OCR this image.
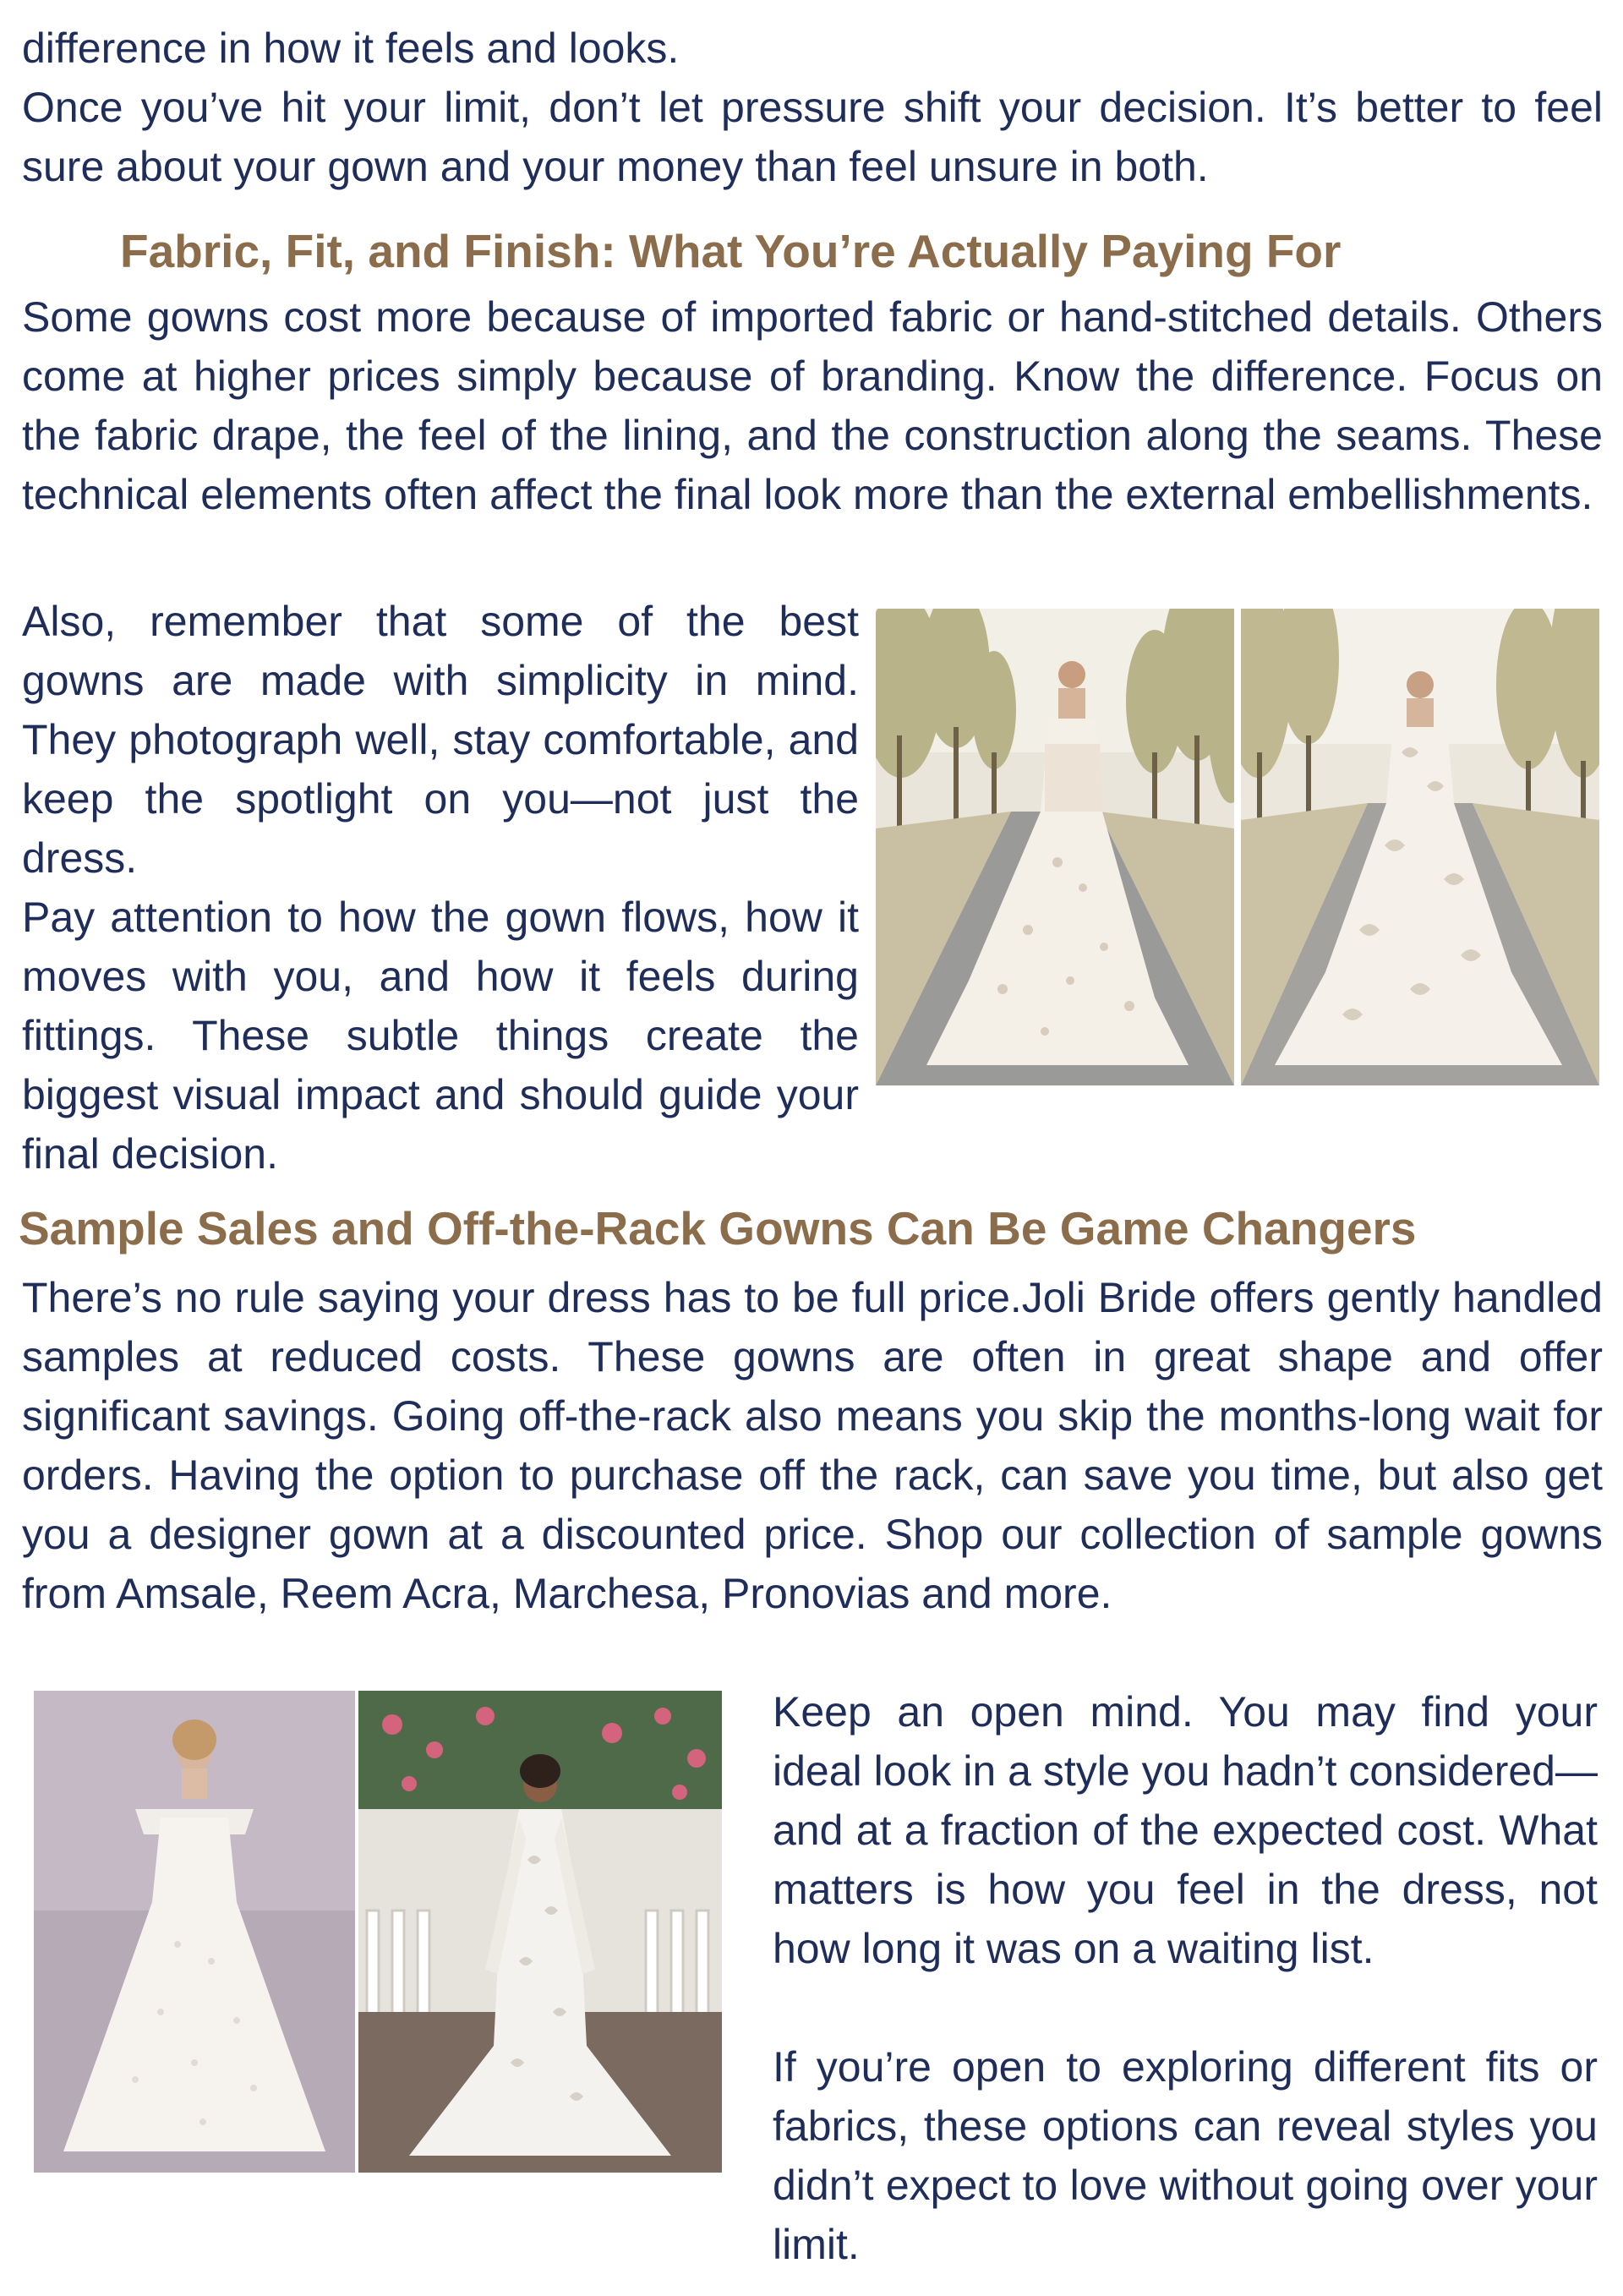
difference in how it feels and looks.

Once you’ve hit your limit, don’t let pressure shift your decision. It’s better to feel sure about your gown and your money than feel unsure in both.

Fabric, Fit, and Finish: What You’re Actually Paying For

Some gowns cost more because of imported fabric or hand-stitched details. Others come at higher prices simply because of branding. Know the difference. Focus on the fabric drape, the feel of the lining, and the construction along the seams. These technical elements often affect the final look more than the external embellishments.

Also, remember that some of the best gowns are made with simplicity in mind. They photograph well, stay comfortable, and keep the spotlight on you—not just the dress.

Pay attention to how the gown flows, how it moves with you, and how it feels during fittings. These subtle things create the biggest visual impact and should guide your final decision.

Sample Sales and Off-the-Rack Gowns Can Be Game Changers

There’s no rule saying your dress has to be full price.Joli Bride offers gently handled samples at reduced costs. These gowns are often in great shape and offer significant savings. Going off-the-rack also means you skip the months-long wait for orders. Having the option to purchase off the rack, can save you time, but also get you a designer gown at a discounted price. Shop our collection of sample gowns from Amsale, Reem Acra, Marchesa, Pronovias and more.

Keep an open mind. You may find your ideal look in a style you hadn’t considered—and at a fraction of the expected cost. What matters is how you feel in the dress, not how long it was on a waiting list.

If you’re open to exploring different fits or fabrics, these options can reveal styles you didn’t expect to love without going over your limit.
